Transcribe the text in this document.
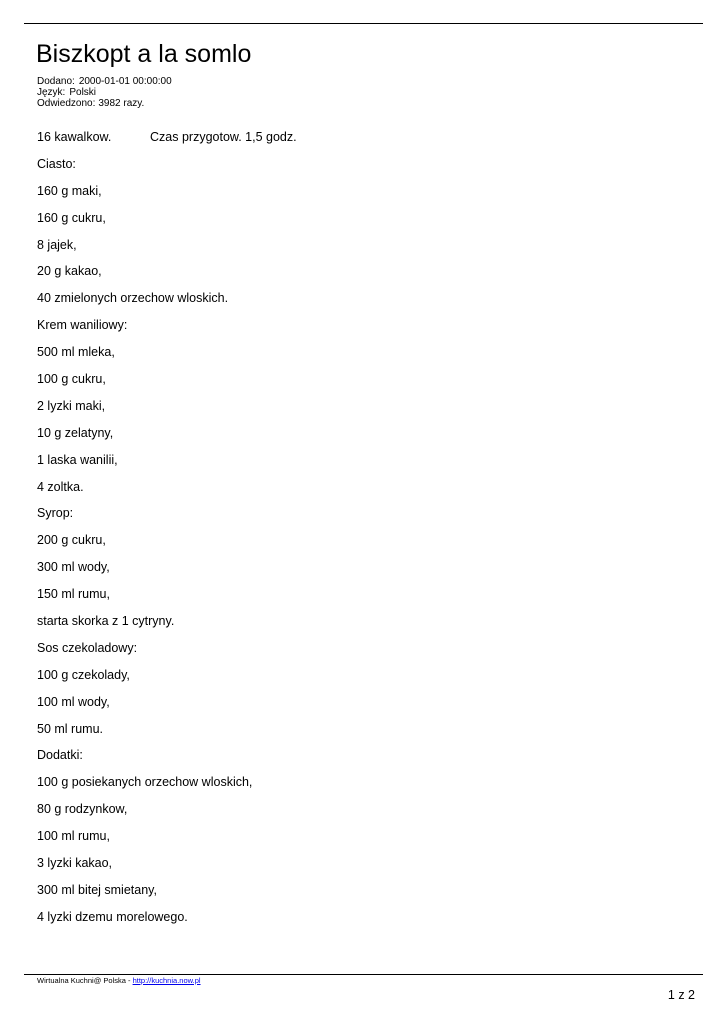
Biszkopt a la somlo
Dodano: 2000-01-01 00:00:00
Język: Polski
Odwiedzono: 3982 razy.
16 kawalkow.	Czas przygotow. 1,5 godz.
Ciasto:
160 g maki,
160 g cukru,
8 jajek,
20 g kakao,
40 zmielonych orzechow wloskich.
Krem waniliowy:
500 ml mleka,
100 g cukru,
2 lyzki maki,
10 g zelatyny,
1 laska wanilii,
4 zoltka.
Syrop:
200 g cukru,
300 ml wody,
150 ml rumu,
starta skorka z 1 cytryny.
Sos czekoladowy:
100 g czekolady,
100 ml wody,
50 ml rumu.
Dodatki:
100 g posiekanych orzechow wloskich,
80 g rodzynkow,
100 ml rumu,
3 lyzki kakao,
300 ml bitej smietany,
4 lyzki dzemu morelowego.
Wirtualna Kuchni@ Polska - http://kuchnia.now.pl
1 z 2
